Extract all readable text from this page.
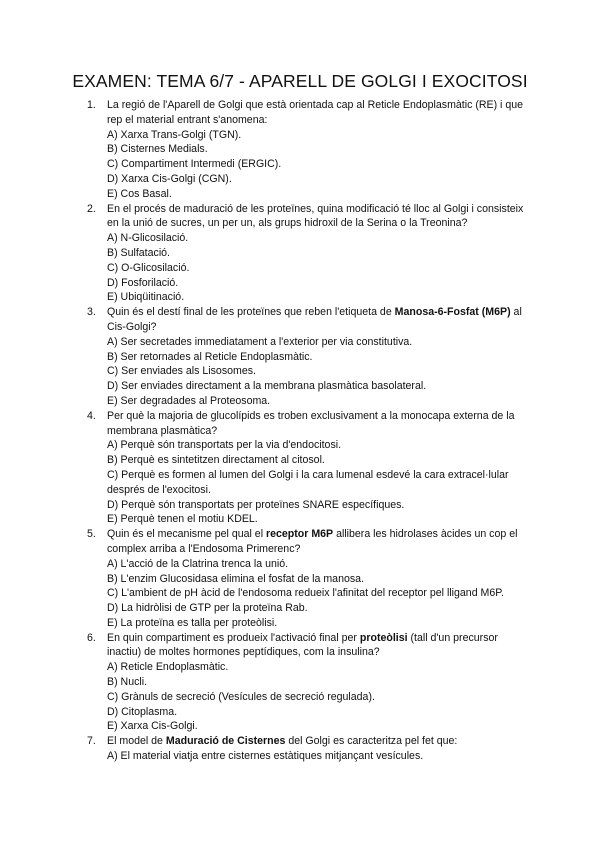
EXAMEN: TEMA 6/7 - APARELL DE GOLGI I EXOCITOSI
1. La regió de l'Aparell de Golgi que està orientada cap al Reticle Endoplasmàtic (RE) i que rep el material entrant s'anomena:
A) Xarxa Trans-Golgi (TGN).
B) Cisternes Medials.
C) Compartiment Intermedi (ERGIC).
D) Xarxa Cis-Golgi (CGN).
E) Cos Basal.
2. En el procés de maduració de les proteïnes, quina modificació té lloc al Golgi i consisteix en la unió de sucres, un per un, als grups hidroxil de la Serina o la Treonina?
A) N-Glicosilació.
B) Sulfatació.
C) O-Glicosilació.
D) Fosforilació.
E) Ubiqüitinació.
3. Quin és el destí final de les proteïnes que reben l'etiqueta de Manosa-6-Fosfat (M6P) al Cis-Golgi?
A) Ser secretades immediatament a l'exterior per via constitutiva.
B) Ser retornades al Reticle Endoplasmàtic.
C) Ser enviades als Lisosomes.
D) Ser enviades directament a la membrana plasmàtica basolateral.
E) Ser degradades al Proteosoma.
4. Per què la majoria de glucolípids es troben exclusivament a la monocapa externa de la membrana plasmàtica?
A) Perquè són transportats per la via d'endocitosi.
B) Perquè es sintetitzen directament al citosol.
C) Perquè es formen al lumen del Golgi i la cara lumenal esdevé la cara extracel·lular després de l'exocitosi.
D) Perquè són transportats per proteïnes SNARE específiques.
E) Perquè tenen el motiu KDEL.
5. Quin és el mecanisme pel qual el receptor M6P allibera les hidrolases àcides un cop el complex arriba a l'Endosoma Primerenc?
A) L'acció de la Clatrina trenca la unió.
B) L'enzim Glucosidasa elimina el fosfat de la manosa.
C) L'ambient de pH àcid de l'endosoma redueix l'afinitat del receptor pel lligand M6P.
D) La hidròlisi de GTP per la proteïna Rab.
E) La proteïna es talla per proteòlisi.
6. En quin compartiment es produeix l'activació final per proteòlisi (tall d'un precursor inactiu) de moltes hormones peptídiques, com la insulina?
A) Reticle Endoplasmàtic.
B) Nucli.
C) Grànuls de secreció (Vesícules de secreció regulada).
D) Citoplasma.
E) Xarxa Cis-Golgi.
7. El model de Maduració de Cisternes del Golgi es caracteritza pel fet que:
A) El material viatja entre cisternes estàtiques mitjançant vesícules.
